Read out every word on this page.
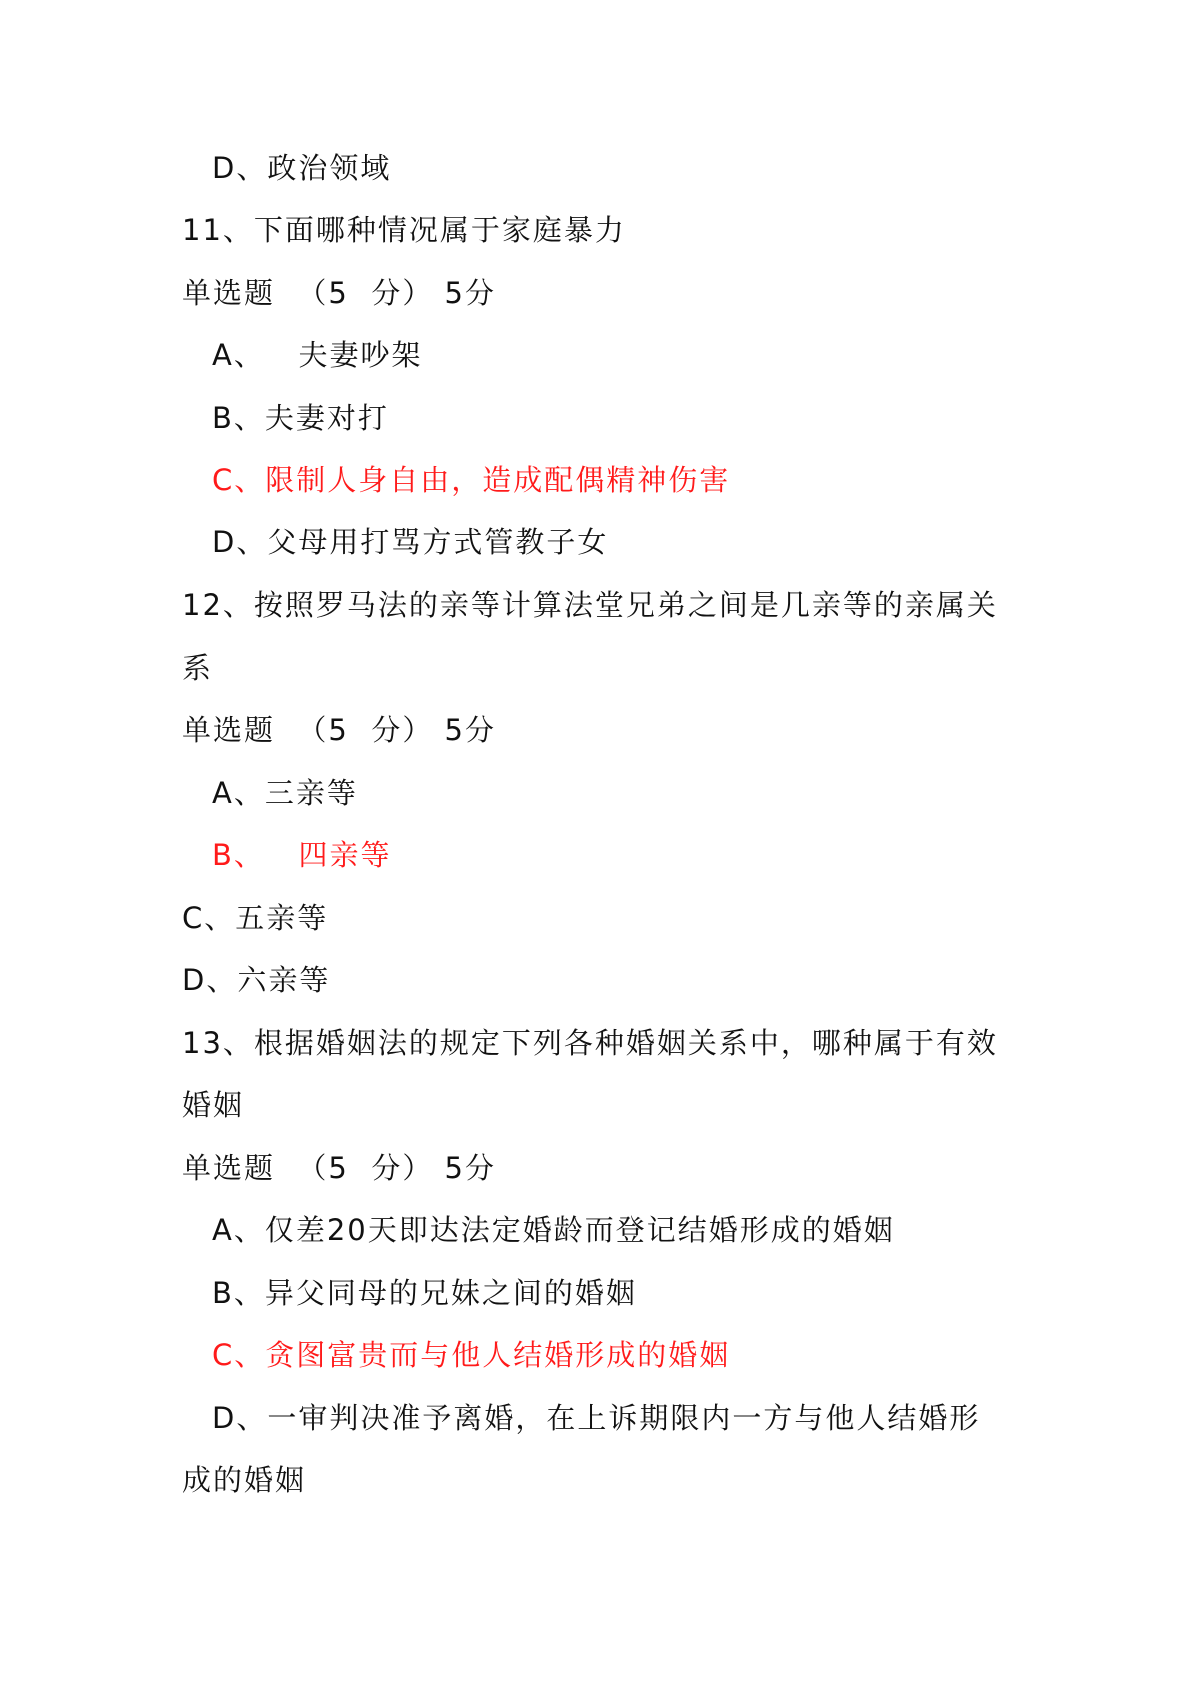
D、政治领域
11、下面哪种情况属于家庭暴力
单选题  （5  分） 5分
A、   夫妻吵架
B、夫妻对打
C、限制人身自由，造成配偶精神伤害
D、父母用打骂方式管教子女
12、按照罗马法的亲等计算法堂兄弟之间是几亲等的亲属关
系
单选题  （5  分） 5分
A、三亲等
B、   四亲等
C、五亲等
D、六亲等
13、根据婚姻法的规定下列各种婚姻关系中，哪种属于有效
婚姻
单选题  （5  分） 5分
A、仅差20天即达法定婚龄而登记结婚形成的婚姻
B、异父同母的兄妹之间的婚姻
C、贪图富贵而与他人结婚形成的婚姻
D、一审判决准予离婚，在上诉期限内一方与他人结婚形
成的婚姻
